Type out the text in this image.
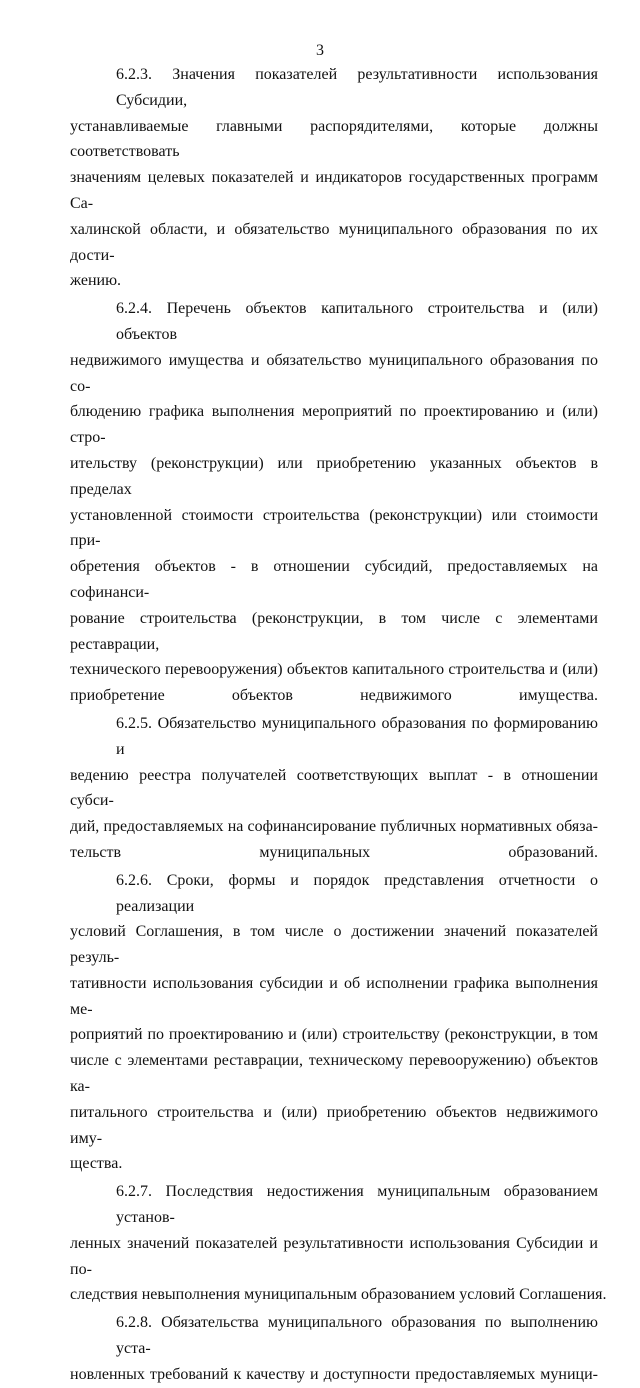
3
6.2.3. Значения показателей результативности использования Субсидии,
устанавливаемые главными распорядителями, которые должны соответствовать
значениям целевых показателей и индикаторов государственных программ Са-
халинской области, и обязательство муниципального образования по их дости-
жению.
6.2.4. Перечень объектов капитального строительства и (или) объектов
недвижимого имущества и обязательство муниципального образования по со-
блюдению графика выполнения мероприятий по проектированию и (или) стро-
ительству (реконструкции) или приобретению указанных объектов в пределах
установленной стоимости строительства (реконструкции) или стоимости при-
обретения объектов - в отношении субсидий, предоставляемых на софинанси-
рование строительства (реконструкции, в том числе с элементами реставрации,
технического перевооружения) объектов капитального строительства и (или)
приобретение объектов недвижимого имущества.
6.2.5. Обязательство муниципального образования по формированию и
ведению реестра получателей соответствующих выплат - в отношении субси-
дий, предоставляемых на софинансирование публичных нормативных обяза-
тельств муниципальных образований.
6.2.6. Сроки, формы и порядок представления отчетности о реализации
условий Соглашения, в том числе о достижении значений показателей резуль-
тативности использования субсидии и об исполнении графика выполнения ме-
роприятий по проектированию и (или) строительству (реконструкции, в том
числе с элементами реставрации, техническому перевооружению) объектов ка-
питального строительства и (или) приобретению объектов недвижимого иму-
щества.
6.2.7. Последствия недостижения муниципальным образованием установ-
ленных значений показателей результативности использования Субсидии и по-
следствия невыполнения муниципальным образованием условий Соглашения.
6.2.8. Обязательства муниципального образования по выполнению уста-
новленных требований к качеству и доступности предоставляемых муници-
